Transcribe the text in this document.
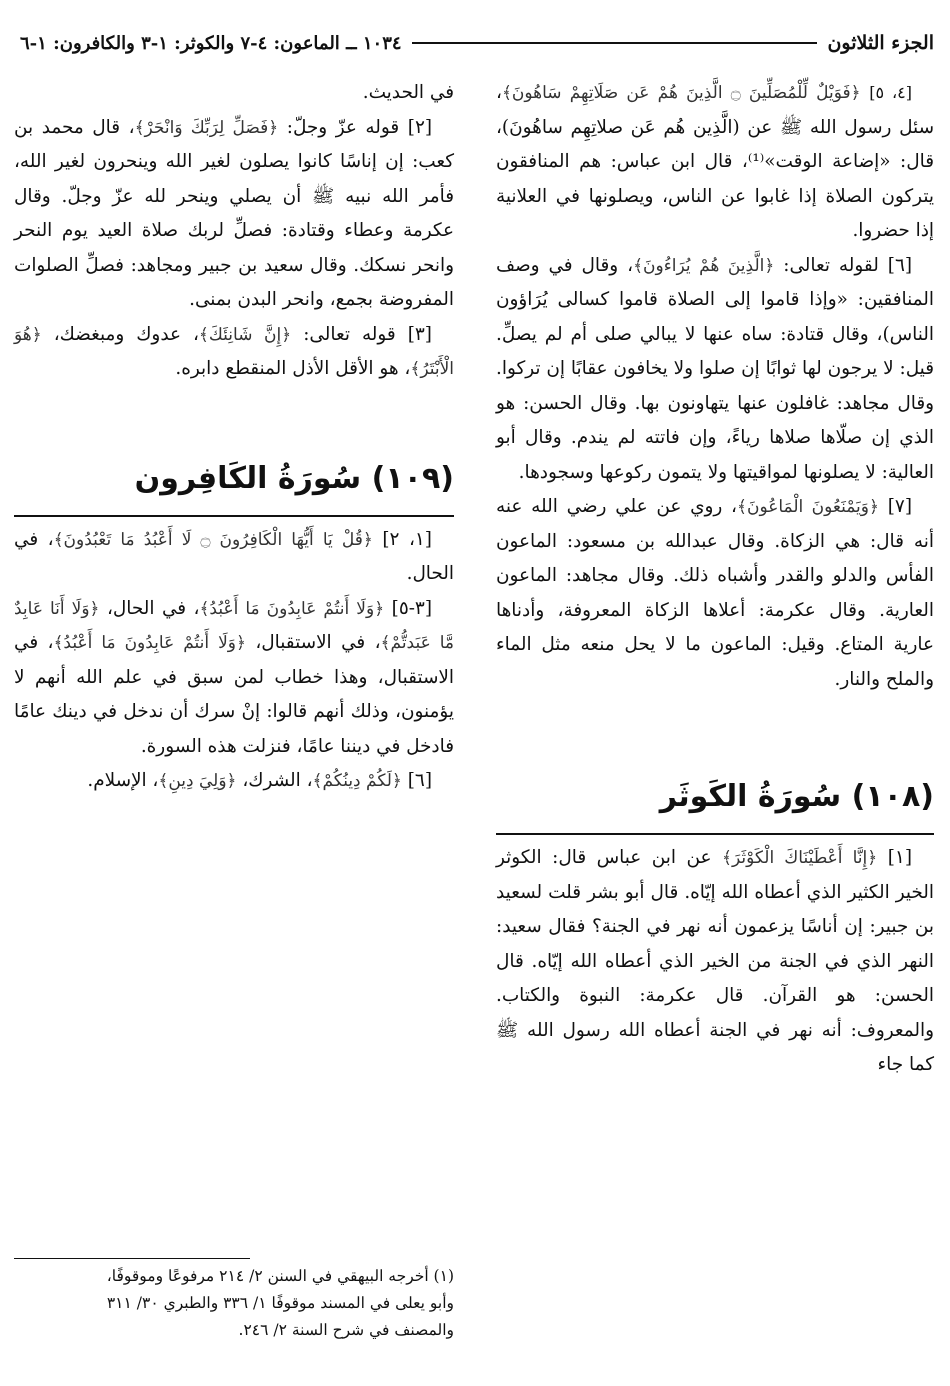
الجزء الثلاثون
١٠٣٤ ــ الماعون: ٤-٧ والكوثر: ١-٣ والكافرون: ١-٦

[٤، ٥] ﴿فَوَيْلٌ لِّلْمُصَلِّينَ ۝ الَّذِينَ هُمْ عَن صَلَاتِهِمْ سَاهُونَ﴾، سئل رسول الله ﷺ عن (الَّذِين هُم عَن صلاتِهِم ساهُونَ)، قال: «إضاعة الوقت»⁽¹⁾، قال ابن عباس: هم المنافقون يتركون الصلاة إذا غابوا عن الناس، ويصلونها في العلانية إذا حضروا.

[٦] لقوله تعالى: ﴿الَّذِينَ هُمْ يُرَاءُونَ﴾، وقال في وصف المنافقين: «وإذا قاموا إلى الصلاة قاموا كسالى يُرَاؤون الناس)، وقال قتادة: ساه عنها لا يبالي صلى أم لم يصلِّ. قيل: لا يرجون لها ثوابًا إن صلوا ولا يخافون عقابًا إن تركوا. وقال مجاهد: غافلون عنها يتهاونون بها. وقال الحسن: هو الذي إن صلّاها صلاها رياءً، وإن فاتته لم يندم. وقال أبو العالية: لا يصلونها لمواقيتها ولا يتمون ركوعها وسجودها.

[٧] ﴿وَيَمْنَعُونَ الْمَاعُونَ﴾، روي عن علي رضي الله عنه أنه قال: هي الزكاة. وقال عبدالله بن مسعود: الماعون الفأس والدلو والقدر وأشباه ذلك. وقال مجاهد: الماعون العارية. وقال عكرمة: أعلاها الزكاة المعروفة، وأدناها عارية المتاع. وقيل: الماعون ما لا يحل منعه مثل الماء والملح والنار.

(١٠٨) سُورَةُ الكَوثَر

[١] ﴿إِنَّا أَعْطَيْنَاكَ الْكَوْثَرَ﴾ عن ابن عباس قال: الكوثر الخير الكثير الذي أعطاه الله إيّاه. قال أبو بشر قلت لسعيد بن جبير: إن أناسًا يزعمون أنه نهر في الجنة؟ فقال سعيد: النهر الذي في الجنة من الخير الذي أعطاه الله إيّاه. قال الحسن: هو القرآن. قال عكرمة: النبوة والكتاب. والمعروف: أنه نهر في الجنة أعطاه الله رسول الله ﷺ كما جاء

في الحديث.

[٢] قوله عزّ وجلّ: ﴿فَصَلِّ لِرَبِّكَ وَانْحَرْ﴾، قال محمد بن كعب: إن إناسًا كانوا يصلون لغير الله وينحرون لغير الله، فأمر الله نبيه ﷺ أن يصلي وينحر لله عزّ وجلّ. وقال عكرمة وعطاء وقتادة: فصلِّ لربك صلاة العيد يوم النحر وانحر نسكك. وقال سعيد بن جبير ومجاهد: فصلِّ الصلوات المفروضة بجمع، وانحر البدن بمنى.

[٣] قوله تعالى: ﴿إِنَّ شَانِئَكَ﴾، عدوك ومبغضك، ﴿هُوَ الْأَبْتَرُ﴾، هو الأقل الأذل المنقطع دابره.

(١٠٩) سُورَةُ الكَافِرون

[١، ٢] ﴿قُلْ يَا أَيُّهَا الْكَافِرُونَ ۝ لَا أَعْبُدُ مَا تَعْبُدُونَ﴾، في الحال.

[٣-٥] ﴿وَلَا أَنتُمْ عَابِدُونَ مَا أَعْبُدُ﴾، في الحال، ﴿وَلَا أَنَا عَابِدٌ مَّا عَبَدتُّمْ﴾، في الاستقبال، ﴿وَلَا أَنتُمْ عَابِدُونَ مَا أَعْبُدُ﴾، في الاستقبال، وهذا خطاب لمن سبق في علم الله أنهم لا يؤمنون، وذلك أنهم قالوا: إنْ سرك أن ندخل في دينك عامًا فادخل في ديننا عامًا، فنزلت هذه السورة.

[٦] ﴿لَكُمْ دِينُكُمْ﴾، الشرك، ﴿وَلِيَ دِينِ﴾، الإسلام.

(١) أخرجه البيهقي في السنن ٢/ ٢١٤ مرفوعًا وموقوفًا،

وأبو يعلى في المسند موقوفًا ١/ ٣٣٦ والطبري ٣٠/ ٣١١

والمصنف في شرح السنة ٢/ ٢٤٦.
